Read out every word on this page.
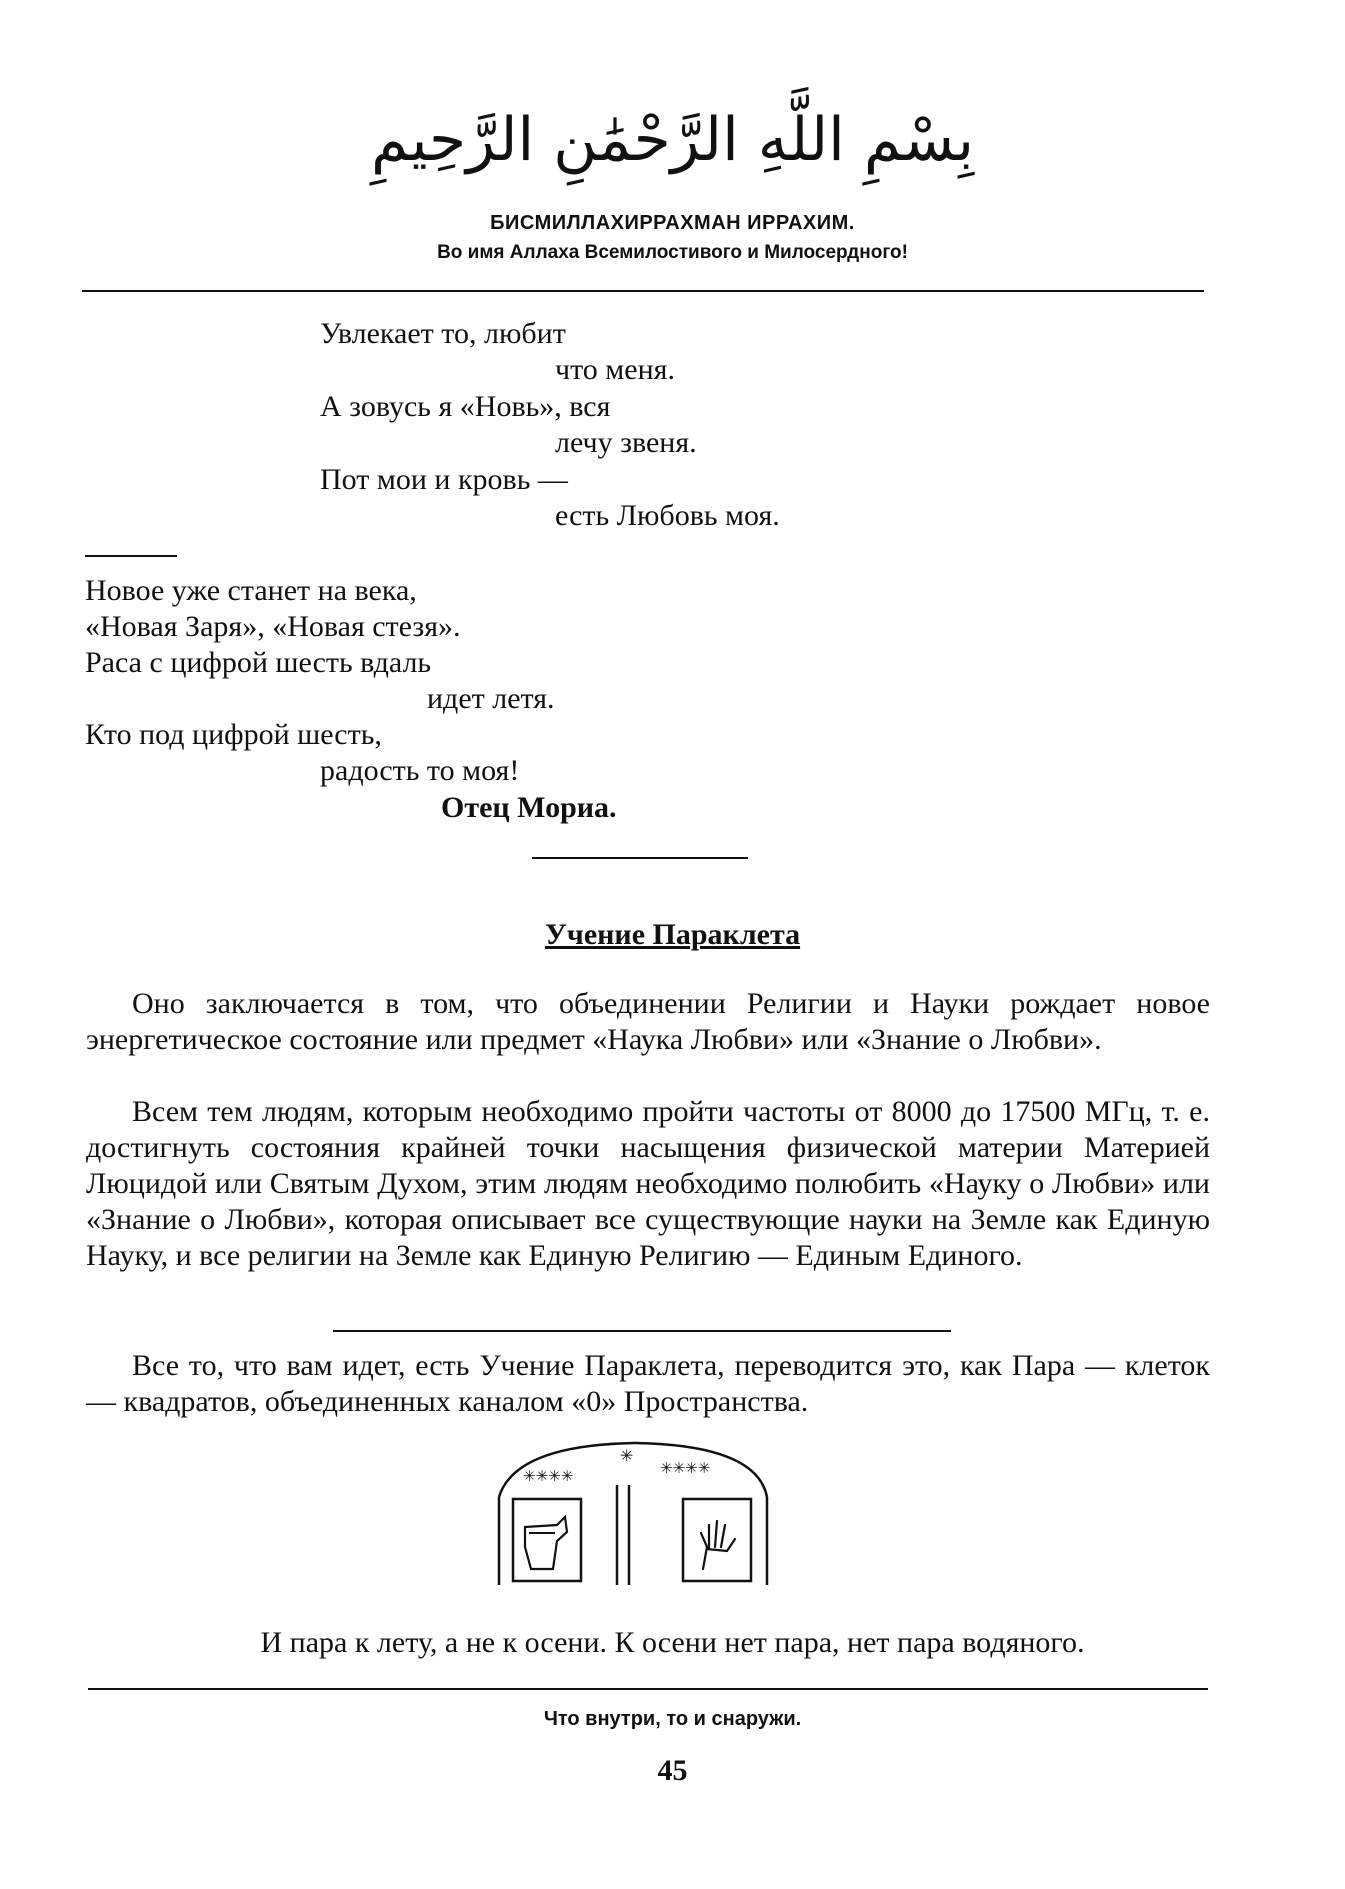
بِسْمِ اللَّهِ الرَّحْمَٰنِ الرَّحِيمِ
БИСМИЛЛАХИРРАХМАН ИРРАХИМ.
Во имя Аллаха Всемилостивого и Милосердного!
Увлекает то, любит
что меня.
А зовусь я «Новь», вся
лечу звеня.
Пот мои и кровь —
есть Любовь моя.
Новое уже станет на века,
«Новая Заря», «Новая стезя».
Раса с цифрой шесть вдаль
идет летя.
Кто под цифрой шесть,
радость то моя!
Отец Мориа.
Учение Параклета

Оно заключается в том, что объединении Религии и Науки рождает новое энергетическое состояние или предмет «Наука Любви» или «Знание о Любви».

Всем тем людям, которым необходимо пройти частоты от 8000 до 17500 МГц, т. е. достигнуть состояния крайней точки насыщения физической материи Материей Люцидой или Святым Духом, этим людям необходимо полюбить «Науку о Любви» или «Знание о Любви», которая описывает все существующие науки на Земле как Единую Науку, и все религии на Земле как Единую Религию — Единым Единого.

Все то, что вам идет, есть Учение Параклета, переводится это, как Пара — клеток — квадратов, объединенных каналом «0» Пространства.

✳✳✳✳
✳
✳✳✳✳
И пара к лету, а не к осени. К осени нет пара, нет пара водяного.
Что внутри, то и снаружи.
45
